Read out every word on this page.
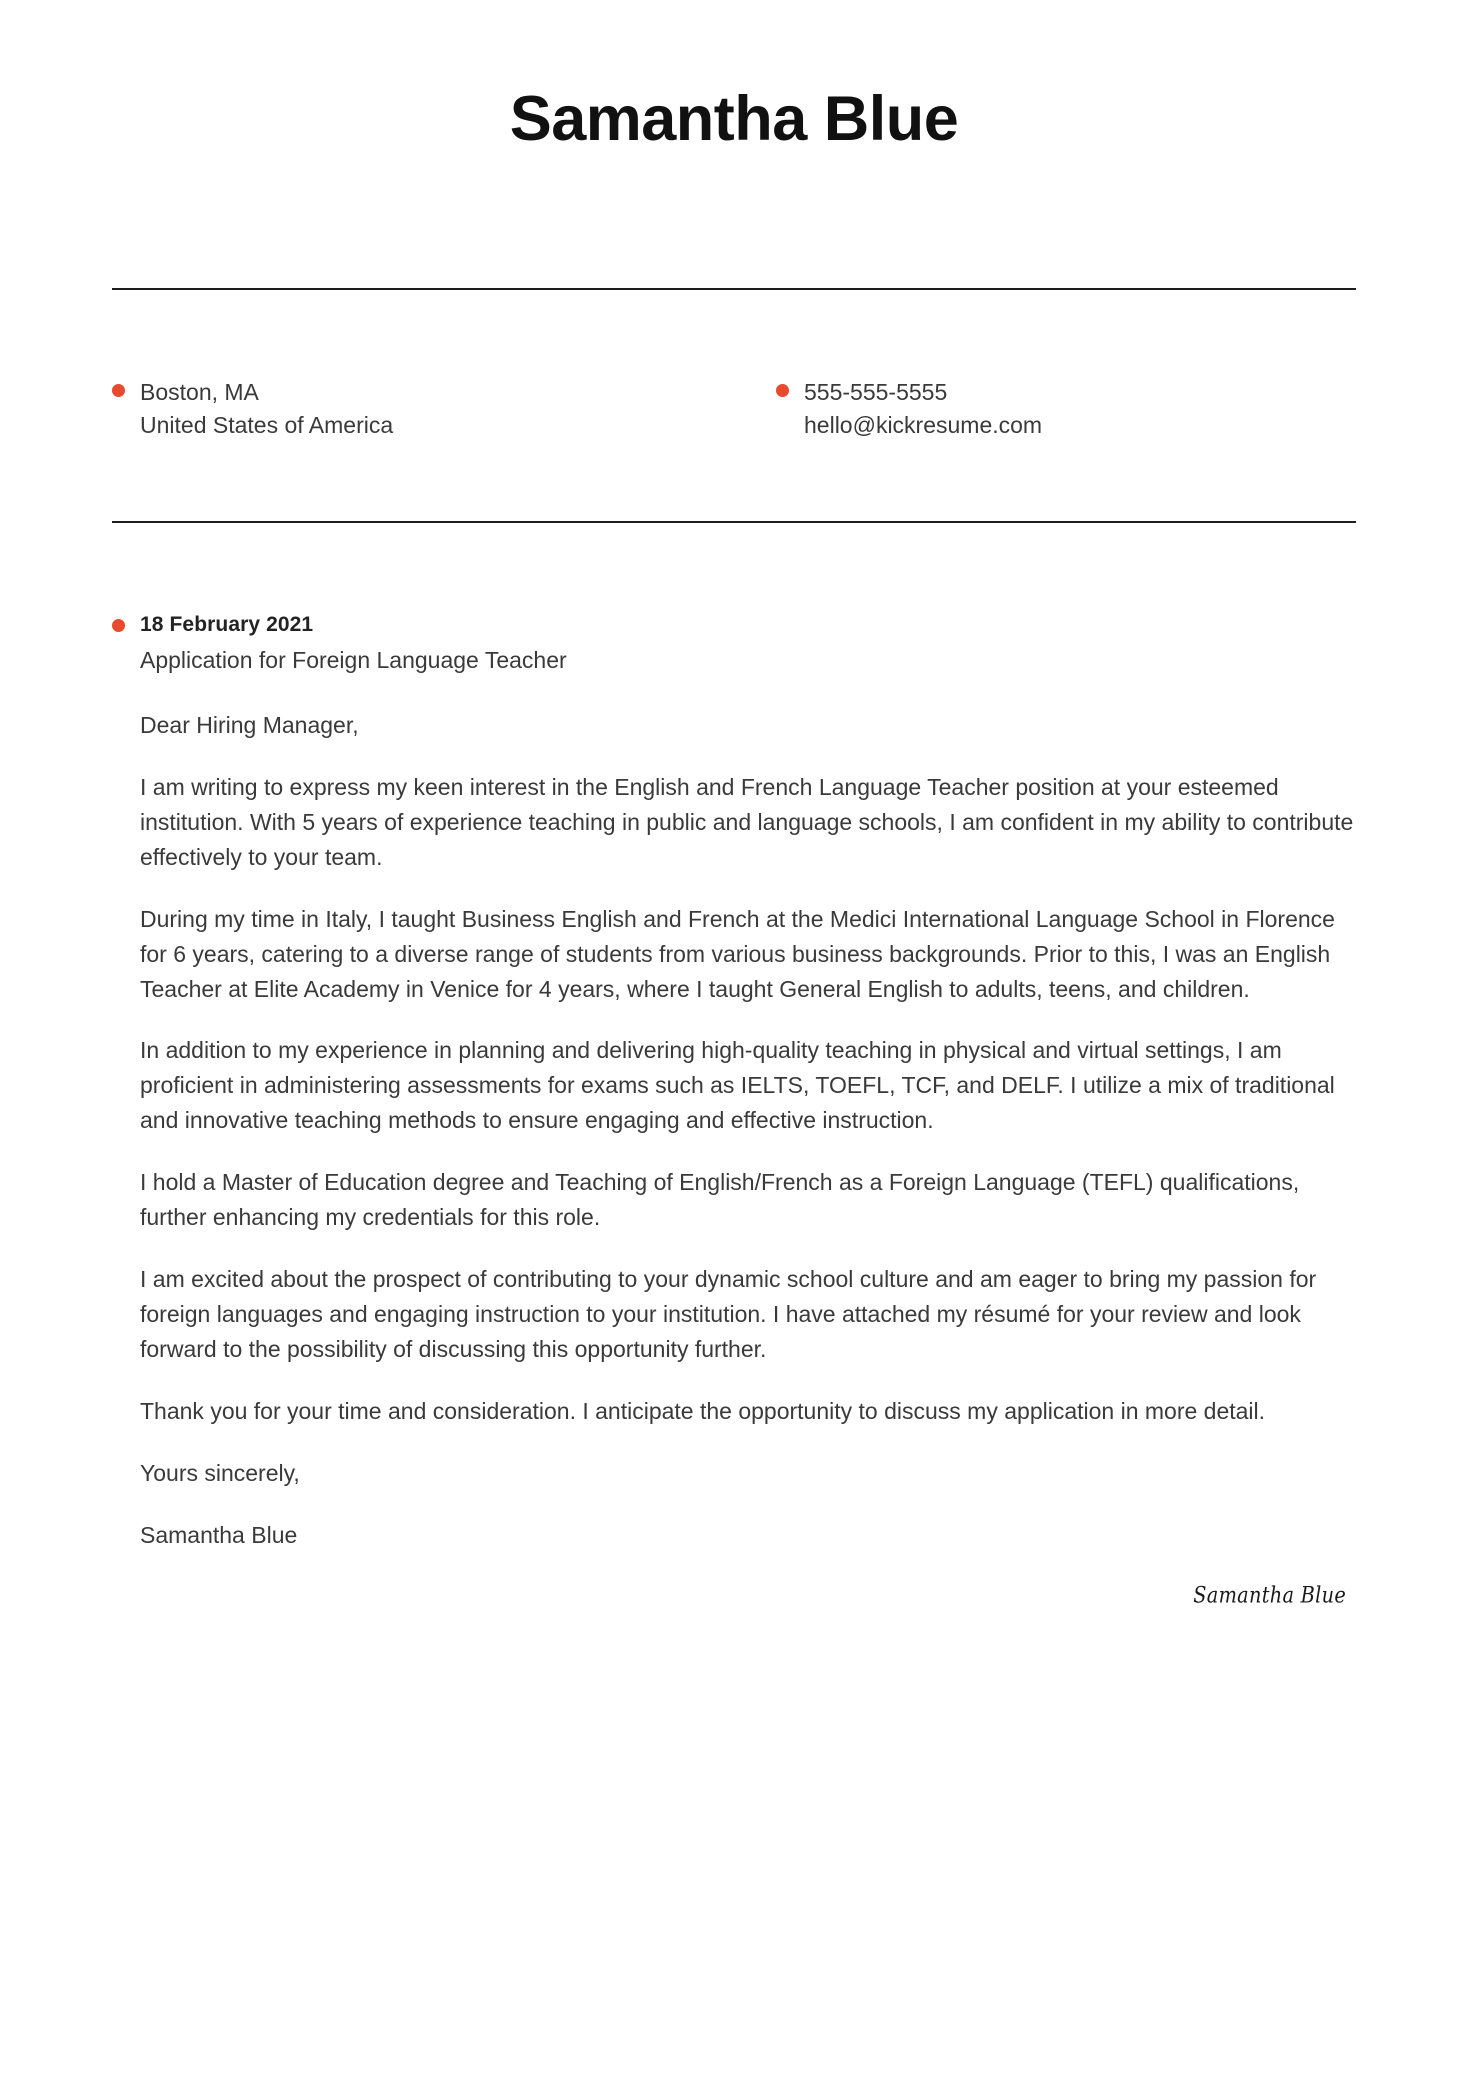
Samantha Blue
Boston, MA
United States of America
555-555-5555
hello@kickresume.com
18 February 2021
Application for Foreign Language Teacher

Dear Hiring Manager,

I am writing to express my keen interest in the English and French Language Teacher position at your esteemed institution. With 5 years of experience teaching in public and language schools, I am confident in my ability to contribute effectively to your team.

During my time in Italy, I taught Business English and French at the Medici International Language School in Florence for 6 years, catering to a diverse range of students from various business backgrounds. Prior to this, I was an English Teacher at Elite Academy in Venice for 4 years, where I taught General English to adults, teens, and children.

In addition to my experience in planning and delivering high-quality teaching in physical and virtual settings, I am proficient in administering assessments for exams such as IELTS, TOEFL, TCF, and DELF. I utilize a mix of traditional and innovative teaching methods to ensure engaging and effective instruction.

I hold a Master of Education degree and Teaching of English/French as a Foreign Language (TEFL) qualifications, further enhancing my credentials for this role.

I am excited about the prospect of contributing to your dynamic school culture and am eager to bring my passion for foreign languages and engaging instruction to your institution. I have attached my résumé for your review and look forward to the possibility of discussing this opportunity further.

Thank you for your time and consideration. I anticipate the opportunity to discuss my application in more detail.

Yours sincerely,

Samantha Blue

Samantha Blue
